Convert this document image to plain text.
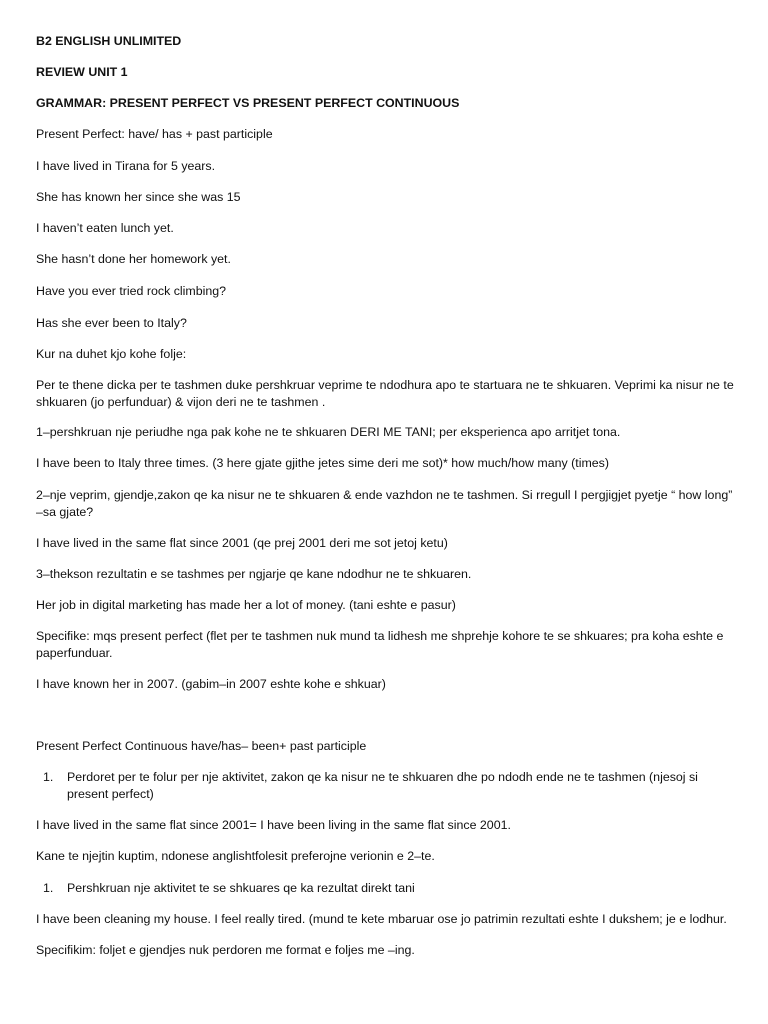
B2 ENGLISH UNLIMITED

REVIEW UNIT 1

GRAMMAR: PRESENT PERFECT VS PRESENT PERFECT CONTINUOUS

Present Perfect: have/ has + past participle

I have lived in Tirana for 5 years.

She has known her since she was 15

I haven’t eaten lunch yet.

She hasn’t done her homework yet.

Have you ever tried rock climbing?

Has she ever been to Italy?

Kur na duhet kjo kohe folje:

Per te thene dicka per te tashmen duke pershkruar veprime te ndodhura apo te startuara ne te shkuaren. Veprimi ka nisur ne te shkuaren (jo perfunduar) & vijon deri ne te tashmen .

1–pershkruan nje periudhe nga pak kohe ne te shkuaren DERI ME TANI; per eksperienca apo arritjet tona.

I have been to Italy three times. (3 here gjate gjithe jetes sime deri me sot)* how much/how many (times)

2–nje veprim, gjendje,zakon qe ka nisur ne te shkuaren & ende vazhdon ne te tashmen. Si rregull I pergjigjet pyetje “ how long” –sa gjate?

I have lived in the same flat since 2001 (qe prej 2001 deri me sot jetoj ketu)

3–thekson rezultatin e se tashmes per ngjarje qe kane ndodhur ne te shkuaren.

Her job in digital marketing has made her a lot of money. (tani eshte e pasur)

Specifike: mqs present perfect (flet per te tashmen nuk mund ta lidhesh me shprehje kohore te se shkuares; pra koha eshte e paperfunduar.

I have known her in 2007. (gabim–in 2007 eshte kohe e shkuar)

Present Perfect Continuous have/has– been+ past participle

1. Perdoret per te folur per nje aktivitet, zakon qe ka nisur ne te shkuaren dhe po ndodh ende ne te tashmen (njesoj si present perfect)

I have lived in the same flat since 2001= I have been living in the same flat since 2001.

Kane te njejtin kuptim, ndonese anglishtfolesit preferojne verionin e 2–te.

1. Pershkruan nje aktivitet te se shkuares qe ka rezultat direkt tani

I have been cleaning my house. I feel really tired. (mund te kete mbaruar ose jo patrimin rezultati eshte I dukshem; je e lodhur.

Specifikim: foljet e gjendjes nuk perdoren me format e foljes me –ing.
